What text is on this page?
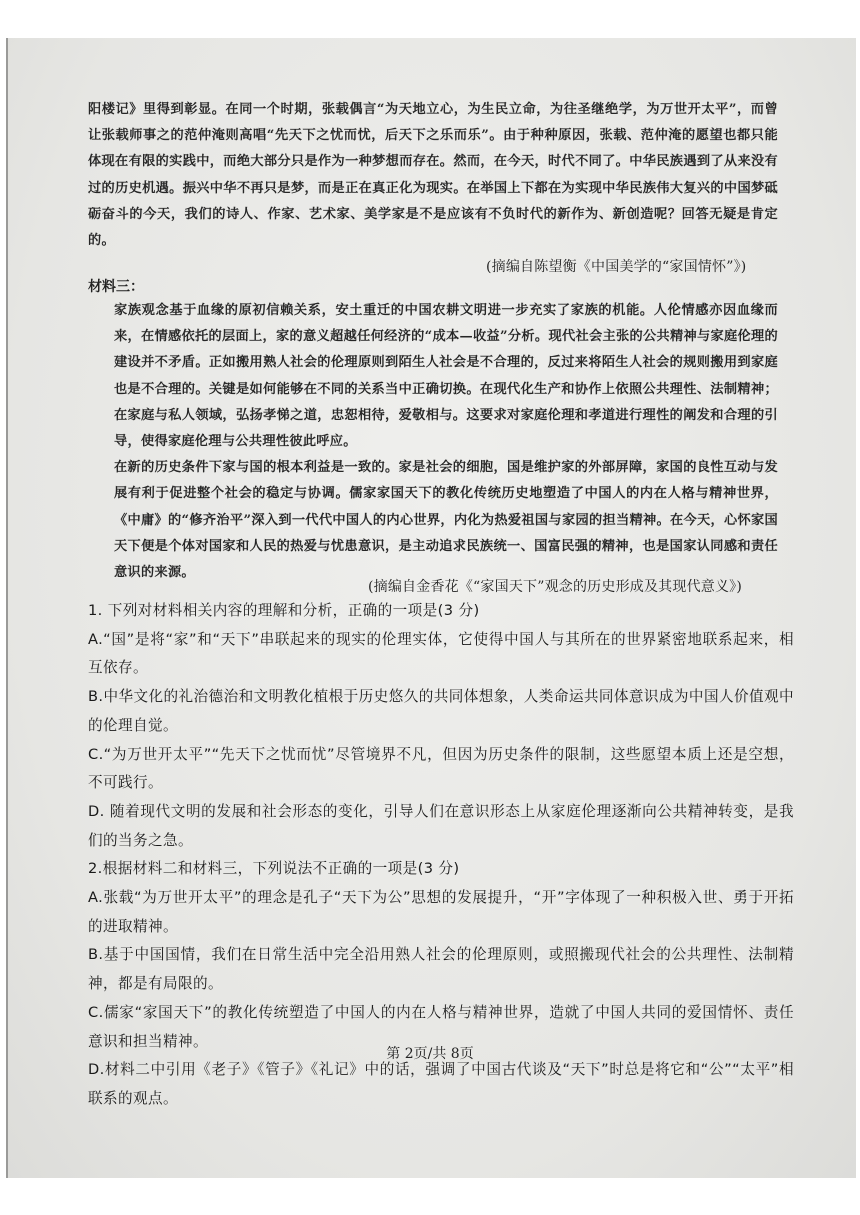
阳楼记》里得到彰显。在同一个时期，张载偶言“为天地立心，为生民立命，为往圣继绝学，为万世开太平”，而曾让张载师事之的范仲淹则高唱“先天下之忧而忧，后天下之乐而乐”。由于种种原因，张载、范仲淹的愿望也都只能体现在有限的实践中，而绝大部分只是作为一种梦想而存在。然而，在今天，时代不同了。中华民族遇到了从来没有过的历史机遇。振兴中华不再只是梦，而是正在真正化为现实。在举国上下都在为实现中华民族伟大复兴的中国梦砥砺奋斗的今天，我们的诗人、作家、艺术家、美学家是不是应该有不负时代的新作为、新创造呢？回答无疑是肯定的。

(摘编自陈望衡《中国美学的“家国情怀”》)
材料三：
家族观念基于血缘的原初信赖关系，安土重迁的中国农耕文明进一步充实了家族的机能。人伦情感亦因血缘而来，在情感依托的层面上，家的意义超越任何经济的“成本—收益”分析。现代社会主张的公共精神与家庭伦理的建设并不矛盾。正如搬用熟人社会的伦理原则到陌生人社会是不合理的，反过来将陌生人社会的规则搬用到家庭也是不合理的。关键是如何能够在不同的关系当中正确切换。在现代化生产和协作上依照公共理性、法制精神；在家庭与私人领域，弘扬孝悌之道，忠恕相待，爱敬相与。这要求对家庭伦理和孝道进行理性的阐发和合理的引导，使得家庭伦理与公共理性彼此呼应。
在新的历史条件下家与国的根本利益是一致的。家是社会的细胞，国是维护家的外部屏障，家国的良性互动与发展有利于促进整个社会的稳定与协调。儒家家国天下的教化传统历史地塑造了中国人的内在人格与精神世界，《中庸》的“修齐治平”深入到一代代中国人的内心世界，内化为热爱祖国与家园的担当精神。在今天，心怀家国天下便是个体对国家和人民的热爱与忧患意识，是主动追求民族统一、国富民强的精神，也是国家认同感和责任意识的来源。
(摘编自金香花《“家国天下”观念的历史形成及其现代意义》)

1. 下列对材料相关内容的理解和分析，正确的一项是(3 分)

A.“国”是将“家”和“天下”串联起来的现实的伦理实体，它使得中国人与其所在的世界紧密地联系起来，相互依存。

B.中华文化的礼治德治和文明教化植根于历史悠久的共同体想象，人类命运共同体意识成为中国人价值观中的伦理自觉。

C.“为万世开太平”“先天下之忧而忧”尽管境界不凡，但因为历史条件的限制，这些愿望本质上还是空想，不可践行。

D. 随着现代文明的发展和社会形态的变化，引导人们在意识形态上从家庭伦理逐渐向公共精神转变，是我们的当务之急。

2.根据材料二和材料三，下列说法不正确的一项是(3 分)

A.张载“为万世开太平”的理念是孔子“天下为公”思想的发展提升，“开”字体现了一种积极入世、勇于开拓的进取精神。

B.基于中国国情，我们在日常生活中完全沿用熟人社会的伦理原则，或照搬现代社会的公共理性、法制精神，都是有局限的。

C.儒家“家国天下”的教化传统塑造了中国人的内在人格与精神世界，造就了中国人共同的爱国情怀、责任意识和担当精神。

D.材料二中引用《老子》《管子》《礼记》中的话，强调了中国古代谈及“天下”时总是将它和“公”“太平”相联系的观点。

第 2页/共 8页
